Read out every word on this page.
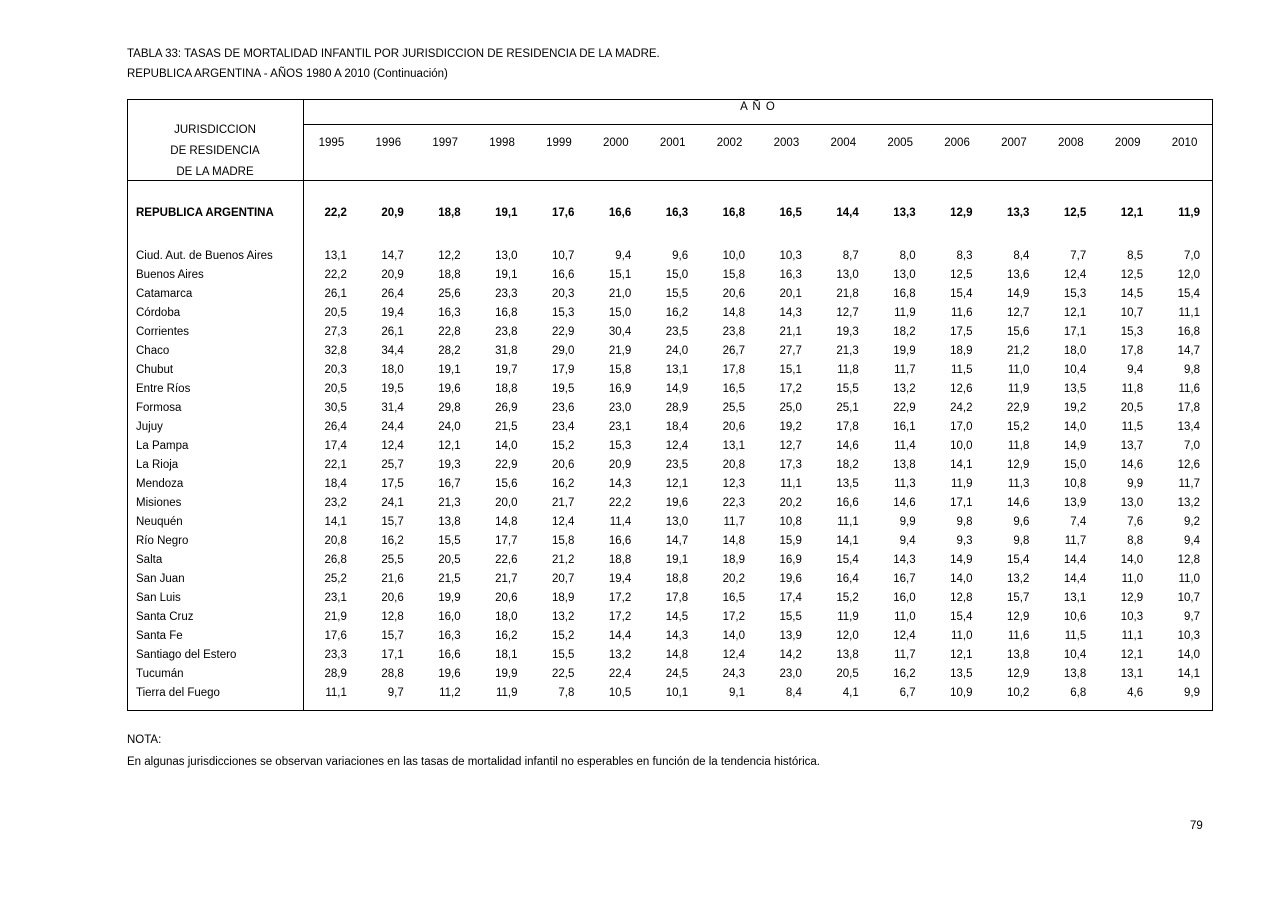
TABLA 33: TASAS DE MORTALIDAD INFANTIL POR JURISDICCION DE RESIDENCIA DE LA MADRE.
REPUBLICA ARGENTINA - AÑOS 1980 A 2010 (Continuación)
A Ñ O
JURISDICCION
DE RESIDENCIA
DE LA MADRE
1995	1996	1997	1998	1999	2000	2001	2002	2003	2004	2005	2006	2007	2008	2009	2010
REPUBLICA ARGENTINA	22,2	20,9	18,8	19,1	17,6	16,6	16,3	16,8	16,5	14,4	13,3	12,9	13,3	12,5	12,1	11,9
Ciud. Aut. de Buenos Aires	13,1	14,7	12,2	13,0	10,7	9,4	9,6	10,0	10,3	8,7	8,0	8,3	8,4	7,7	8,5	7,0
Buenos Aires	22,2	20,9	18,8	19,1	16,6	15,1	15,0	15,8	16,3	13,0	13,0	12,5	13,6	12,4	12,5	12,0
Catamarca	26,1	26,4	25,6	23,3	20,3	21,0	15,5	20,6	20,1	21,8	16,8	15,4	14,9	15,3	14,5	15,4
Córdoba	20,5	19,4	16,3	16,8	15,3	15,0	16,2	14,8	14,3	12,7	11,9	11,6	12,7	12,1	10,7	11,1
Corrientes	27,3	26,1	22,8	23,8	22,9	30,4	23,5	23,8	21,1	19,3	18,2	17,5	15,6	17,1	15,3	16,8
Chaco	32,8	34,4	28,2	31,8	29,0	21,9	24,0	26,7	27,7	21,3	19,9	18,9	21,2	18,0	17,8	14,7
Chubut	20,3	18,0	19,1	19,7	17,9	15,8	13,1	17,8	15,1	11,8	11,7	11,5	11,0	10,4	9,4	9,8
Entre Ríos	20,5	19,5	19,6	18,8	19,5	16,9	14,9	16,5	17,2	15,5	13,2	12,6	11,9	13,5	11,8	11,6
Formosa	30,5	31,4	29,8	26,9	23,6	23,0	28,9	25,5	25,0	25,1	22,9	24,2	22,9	19,2	20,5	17,8
Jujuy	26,4	24,4	24,0	21,5	23,4	23,1	18,4	20,6	19,2	17,8	16,1	17,0	15,2	14,0	11,5	13,4
La Pampa	17,4	12,4	12,1	14,0	15,2	15,3	12,4	13,1	12,7	14,6	11,4	10,0	11,8	14,9	13,7	7,0
La Rioja	22,1	25,7	19,3	22,9	20,6	20,9	23,5	20,8	17,3	18,2	13,8	14,1	12,9	15,0	14,6	12,6
Mendoza	18,4	17,5	16,7	15,6	16,2	14,3	12,1	12,3	11,1	13,5	11,3	11,9	11,3	10,8	9,9	11,7
Misiones	23,2	24,1	21,3	20,0	21,7	22,2	19,6	22,3	20,2	16,6	14,6	17,1	14,6	13,9	13,0	13,2
Neuquén	14,1	15,7	13,8	14,8	12,4	11,4	13,0	11,7	10,8	11,1	9,9	9,8	9,6	7,4	7,6	9,2
Río Negro	20,8	16,2	15,5	17,7	15,8	16,6	14,7	14,8	15,9	14,1	9,4	9,3	9,8	11,7	8,8	9,4
Salta	26,8	25,5	20,5	22,6	21,2	18,8	19,1	18,9	16,9	15,4	14,3	14,9	15,4	14,4	14,0	12,8
San Juan	25,2	21,6	21,5	21,7	20,7	19,4	18,8	20,2	19,6	16,4	16,7	14,0	13,2	14,4	11,0	11,0
San Luis	23,1	20,6	19,9	20,6	18,9	17,2	17,8	16,5	17,4	15,2	16,0	12,8	15,7	13,1	12,9	10,7
Santa Cruz	21,9	12,8	16,0	18,0	13,2	17,2	14,5	17,2	15,5	11,9	11,0	15,4	12,9	10,6	10,3	9,7
Santa Fe	17,6	15,7	16,3	16,2	15,2	14,4	14,3	14,0	13,9	12,0	12,4	11,0	11,6	11,5	11,1	10,3
Santiago del Estero	23,3	17,1	16,6	18,1	15,5	13,2	14,8	12,4	14,2	13,8	11,7	12,1	13,8	10,4	12,1	14,0
Tucumán	28,9	28,8	19,6	19,9	22,5	22,4	24,5	24,3	23,0	20,5	16,2	13,5	12,9	13,8	13,1	14,1
Tierra del Fuego	11,1	9,7	11,2	11,9	7,8	10,5	10,1	9,1	8,4	4,1	6,7	10,9	10,2	6,8	4,6	9,9
NOTA:
En algunas jurisdicciones se observan variaciones en las tasas de mortalidad infantil no esperables en función de la tendencia histórica.
79
